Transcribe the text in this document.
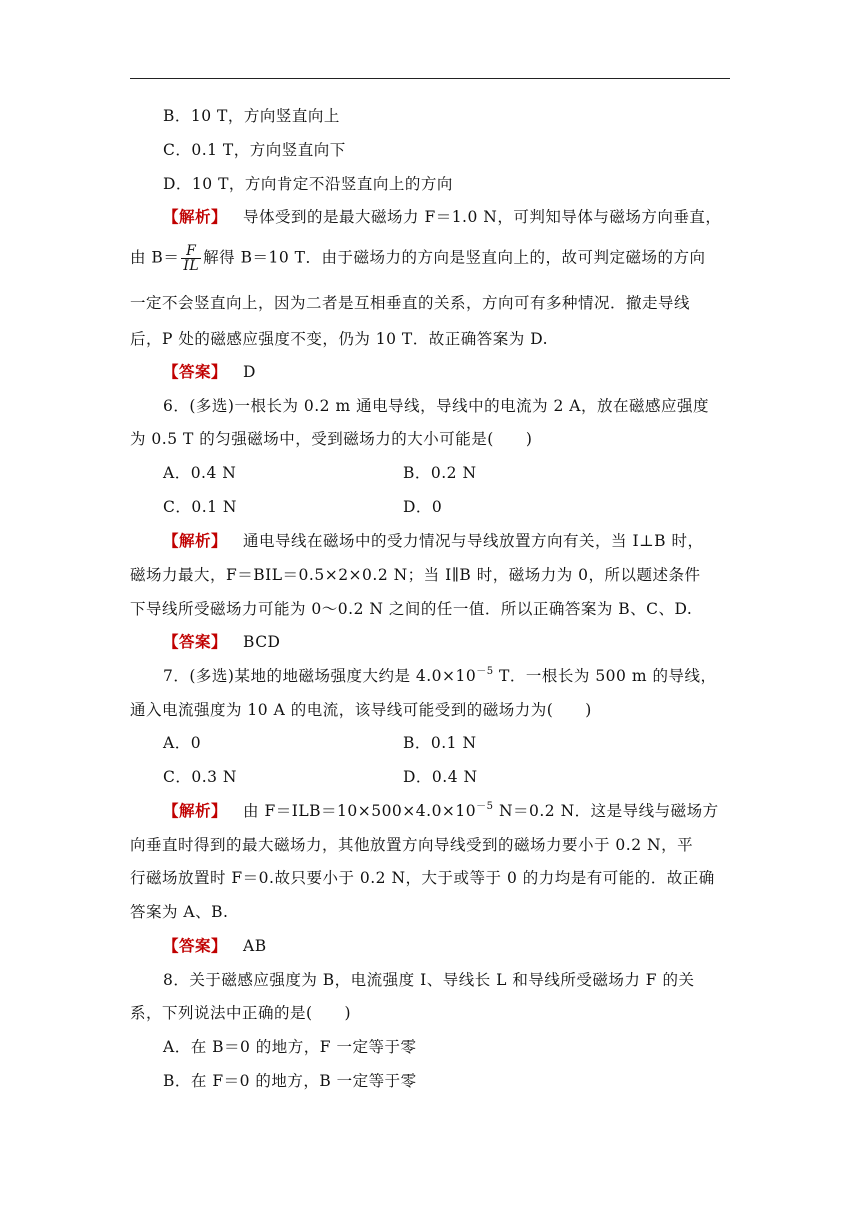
B．10 T，方向竖直向上
C．0.1 T，方向竖直向下
D．10 T，方向肯定不沿竖直向上的方向
【解析】 导体受到的是最大磁场力 F＝1.0 N，可判知导体与磁场方向垂直，
由 $B= \frac{F}{IL}$ 解得 B＝10 T．由于磁场力的方向是竖直向上的，故可判定磁场的方向
一定不会竖直向上，因为二者是互相垂直的关系，方向可有多种情况．撤走导线
后，P 处的磁感应强度不变，仍为 10 T．故正确答案为 D.
【答案】 D
6．(多选)一根长为 0.2 m 通电导线，导线中的电流为 2 A，放在磁感应强度
为 0.5 T 的匀强磁场中，受到磁场力的大小可能是(　　)
A．0.4 N	B．0.2 N
C．0.1 N	D．0
【解析】 通电导线在磁场中的受力情况与导线放置方向有关，当 I⊥B 时，
磁场力最大，F＝BIL＝0.5×2×0.2 N；当 I∥B 时，磁场力为 0，所以题述条件
下导线所受磁场力可能为 0～0.2 N 之间的任一值．所以正确答案为 B、C、D.
【答案】 BCD
7．(多选)某地的地磁场强度大约是 $4.0\times 10^{-5}$ T．一根长为 500 m 的导线，
通入电流强度为 10 A 的电流，该导线可能受到的磁场力为(　　)
A．0	B．0.1 N
C．0.3 N	D．0.4 N
【解析】 由 $F=ILB=10\times 500\times 4.0\times 10^{-5}$ N＝0.2 N．这是导线与磁场方
向垂直时得到的最大磁场力，其他放置方向导线受到的磁场力要小于 0.2 N，平
行磁场放置时 F＝0.故只要小于 0.2 N，大于或等于 0 的力均是有可能的．故正确
答案为 A、B.
【答案】 AB
8．关于磁感应强度为 B，电流强度 I、导线长 L 和导线所受磁场力 F 的关
系，下列说法中正确的是(　　)
A．在 B＝0 的地方，F 一定等于零
B．在 F＝0 的地方，B 一定等于零
